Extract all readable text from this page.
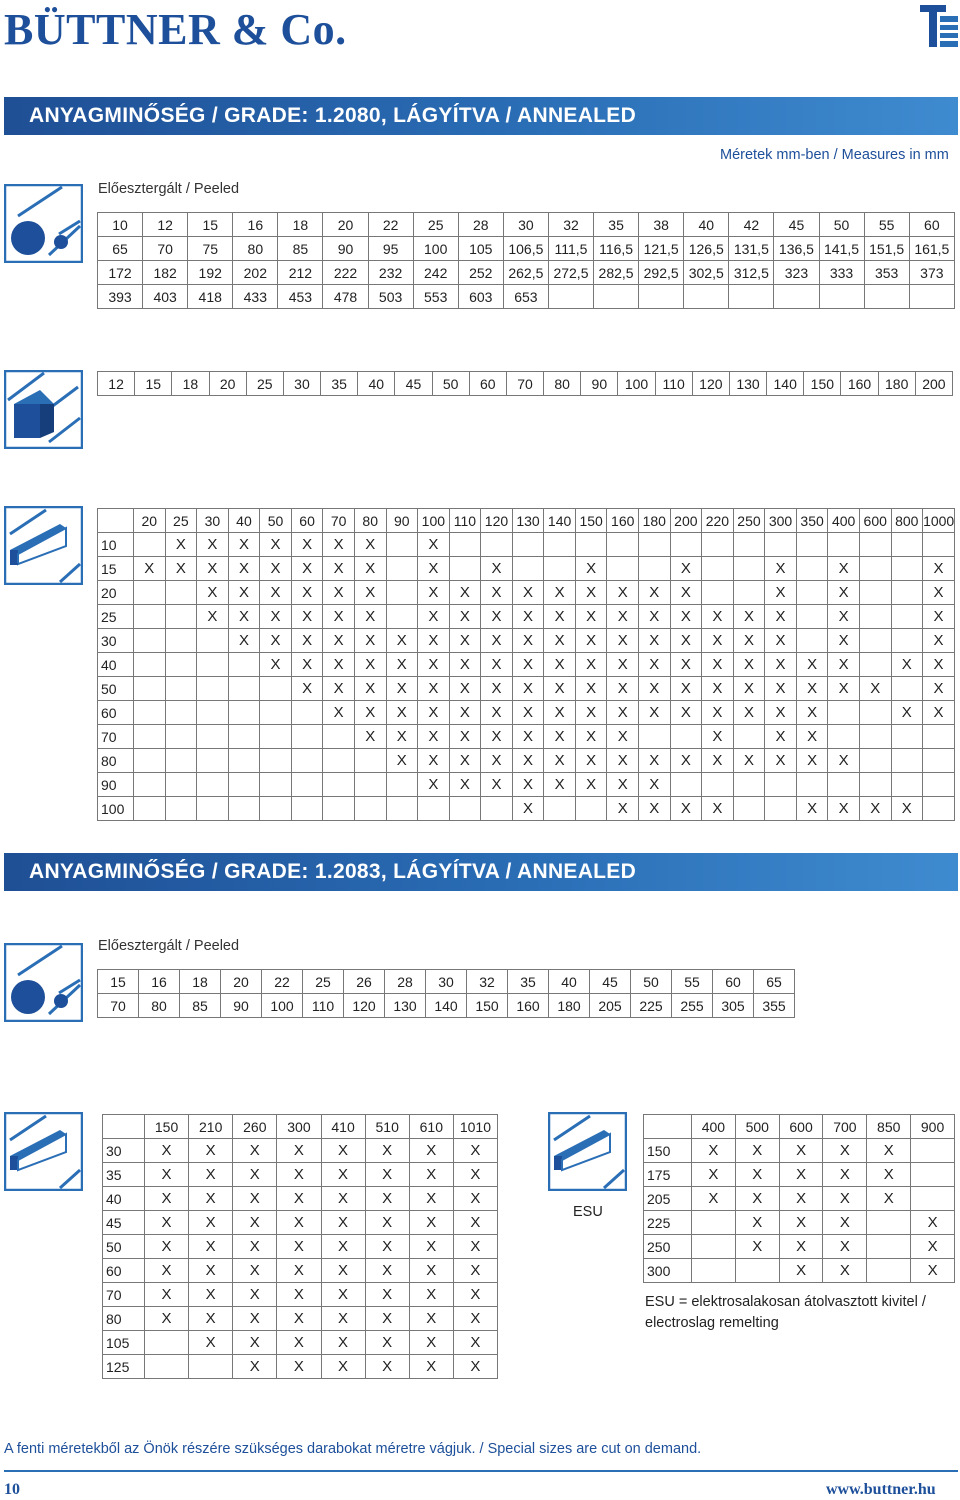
BÜTTNER & Co.
ANYAGMINŐSÉG / GRADE: 1.2080, LÁGYÍTVA / ANNEALED
Méretek mm-ben / Measures in mm
Előesztergált / Peeled
10	12	15	16	18	20	22	25	28	30	32	35	38	40	42	45	50	55	60
65	70	75	80	85	90	95	100	105	106,5	111,5	116,5	121,5	126,5	131,5	136,5	141,5	151,5	161,5
172	182	192	202	212	222	232	242	252	262,5	272,5	282,5	292,5	302,5	312,5	323	333	353	373
393	403	418	433	453	478	503	553	603	653									
12	15	18	20	25	30	35	40	45	50	60	70	80	90	100	110	120	130	140	150	160	180	200
	20	25	30	40	50	60	70	80	90	100	110	120	130	140	150	160	180	200	220	250	300	350	400	600	800	1000
10		X	X	X	X	X	X	X		X																
15	X	X	X	X	X	X	X	X		X		X			X			X			X		X			X
20			X	X	X	X	X	X		X	X	X	X	X	X	X	X	X			X		X			X
25			X	X	X	X	X	X		X	X	X	X	X	X	X	X	X	X	X	X		X			X
30				X	X	X	X	X	X	X	X	X	X	X	X	X	X	X	X	X	X		X			X
40					X	X	X	X	X	X	X	X	X	X	X	X	X	X	X	X	X	X	X		X	X
50						X	X	X	X	X	X	X	X	X	X	X	X	X	X	X	X	X	X	X		X
60							X	X	X	X	X	X	X	X	X	X	X	X	X	X	X	X			X	X
70								X	X	X	X	X	X	X	X	X			X		X	X				
80									X	X	X	X	X	X	X	X	X	X	X	X	X	X	X			
90										X	X	X	X	X	X	X	X									
100													X			X	X	X	X			X	X	X	X	
ANYAGMINŐSÉG / GRADE: 1.2083, LÁGYÍTVA / ANNEALED
Előesztergált / Peeled
15	16	18	20	22	25	26	28	30	32	35	40	45	50	55	60	65
70	80	85	90	100	110	120	130	140	150	160	180	205	225	255	305	355
	150	210	260	300	410	510	610	1010
30	X	X	X	X	X	X	X	X
35	X	X	X	X	X	X	X	X
40	X	X	X	X	X	X	X	X
45	X	X	X	X	X	X	X	X
50	X	X	X	X	X	X	X	X
60	X	X	X	X	X	X	X	X
70	X	X	X	X	X	X	X	X
80	X	X	X	X	X	X	X	X
105		X	X	X	X	X	X	X
125			X	X	X	X	X	X
ESU
	400	500	600	700	850	900
150	X	X	X	X	X	
175	X	X	X	X	X	
205	X	X	X	X	X	
225		X	X	X		X
250		X	X	X		X
300			X	X		X
ESU = elektrosalakosan átolvasztott kivitel / electroslag remelting
A fenti méretekből az Önök részére szükséges darabokat méretre vágjuk. / Special sizes are cut on demand.
10	www.buttner.hu
